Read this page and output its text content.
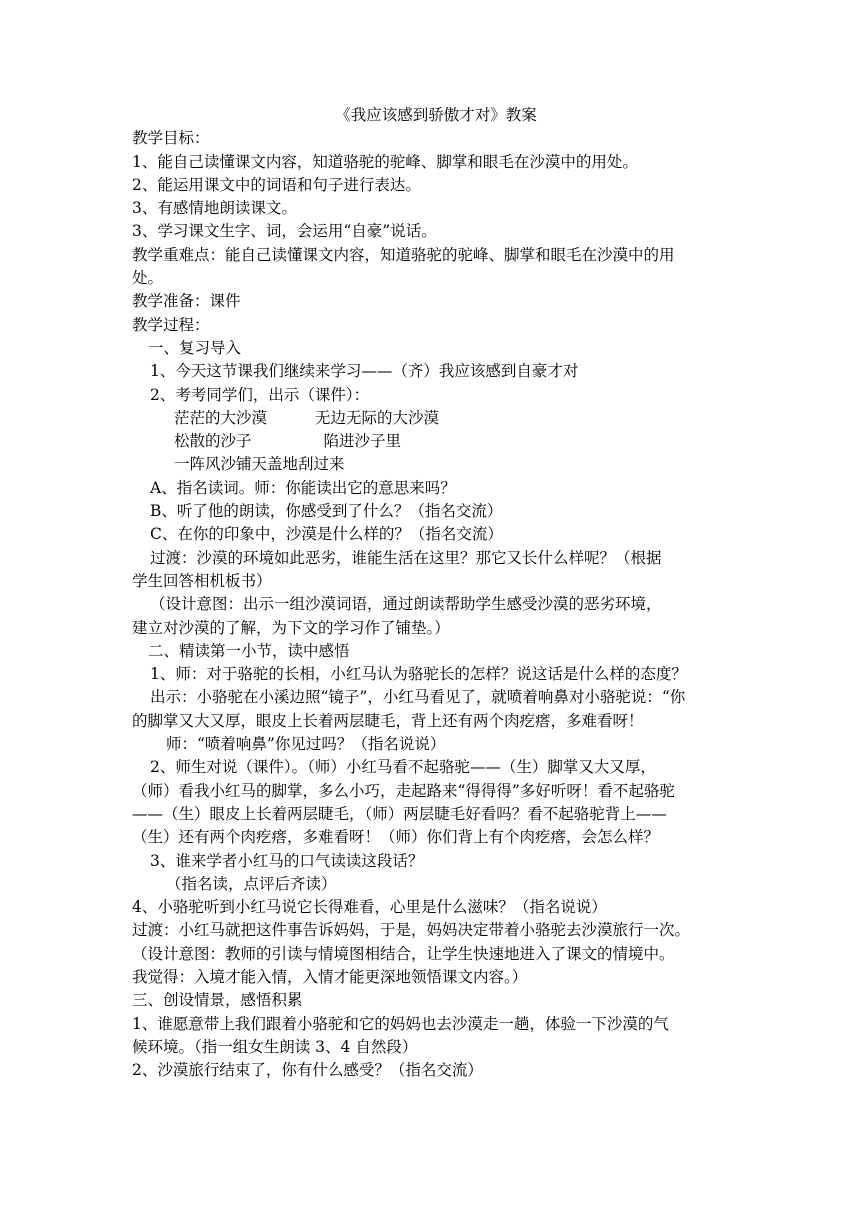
《我应该感到骄傲才对》教案
教学目标：
1、能自己读懂课文内容，知道骆驼的驼峰、脚掌和眼毛在沙漠中的用处。
2、能运用课文中的词语和句子进行表达。
3、有感情地朗读课文。
3、学习课文生字、词，会运用“自豪”说话。
教学重难点：能自己读懂课文内容，知道骆驼的驼峰、脚掌和眼毛在沙漠中的用
处。
教学准备：课件
教学过程：
一、复习导入
1、今天这节课我们继续来学习——（齐）我应该感到自豪才对
2、考考同学们，出示（课件）：
茫茫的大沙漠	无边无际的大沙漠
松散的沙子	陷进沙子里
一阵风沙铺天盖地刮过来
A、指名读词。师：你能读出它的意思来吗？
B、听了他的朗读，你感受到了什么？（指名交流）
C、在你的印象中，沙漠是什么样的？（指名交流）
过渡：沙漠的环境如此恶劣，谁能生活在这里？那它又长什么样呢？（根据
学生回答相机板书）
（设计意图：出示一组沙漠词语，通过朗读帮助学生感受沙漠的恶劣环境，
建立对沙漠的了解，为下文的学习作了铺垫。）
二、精读第一小节，读中感悟
1、师：对于骆驼的长相，小红马认为骆驼长的怎样？说这话是什么样的态度？
出示：小骆驼在小溪边照“镜子”，小红马看见了，就喷着响鼻对小骆驼说：“你
的脚掌又大又厚，眼皮上长着两层睫毛，背上还有两个肉疙瘩，多难看呀！
师：“喷着响鼻”你见过吗？（指名说说）
2、师生对说（课件）。（师）小红马看不起骆驼——（生）脚掌又大又厚，
（师）看我小红马的脚掌，多么小巧，走起路来“得得得”多好听呀！看不起骆驼
——（生）眼皮上长着两层睫毛，（师）两层睫毛好看吗？看不起骆驼背上——
（生）还有两个肉疙瘩，多难看呀！（师）你们背上有个肉疙瘩，会怎么样？
3、谁来学者小红马的口气读读这段话？
（指名读，点评后齐读）
4、小骆驼听到小红马说它长得难看，心里是什么滋味？（指名说说）
过渡：小红马就把这件事告诉妈妈，于是，妈妈决定带着小骆驼去沙漠旅行一次。
（设计意图：教师的引读与情境图相结合，让学生快速地进入了课文的情境中。
我觉得：入境才能入情，入情才能更深地领悟课文内容。）
三、创设情景，感悟积累
1、谁愿意带上我们跟着小骆驼和它的妈妈也去沙漠走一趟，体验一下沙漠的气
候环境。（指一组女生朗读 3、4 自然段）
2、沙漠旅行结束了，你有什么感受？（指名交流）
